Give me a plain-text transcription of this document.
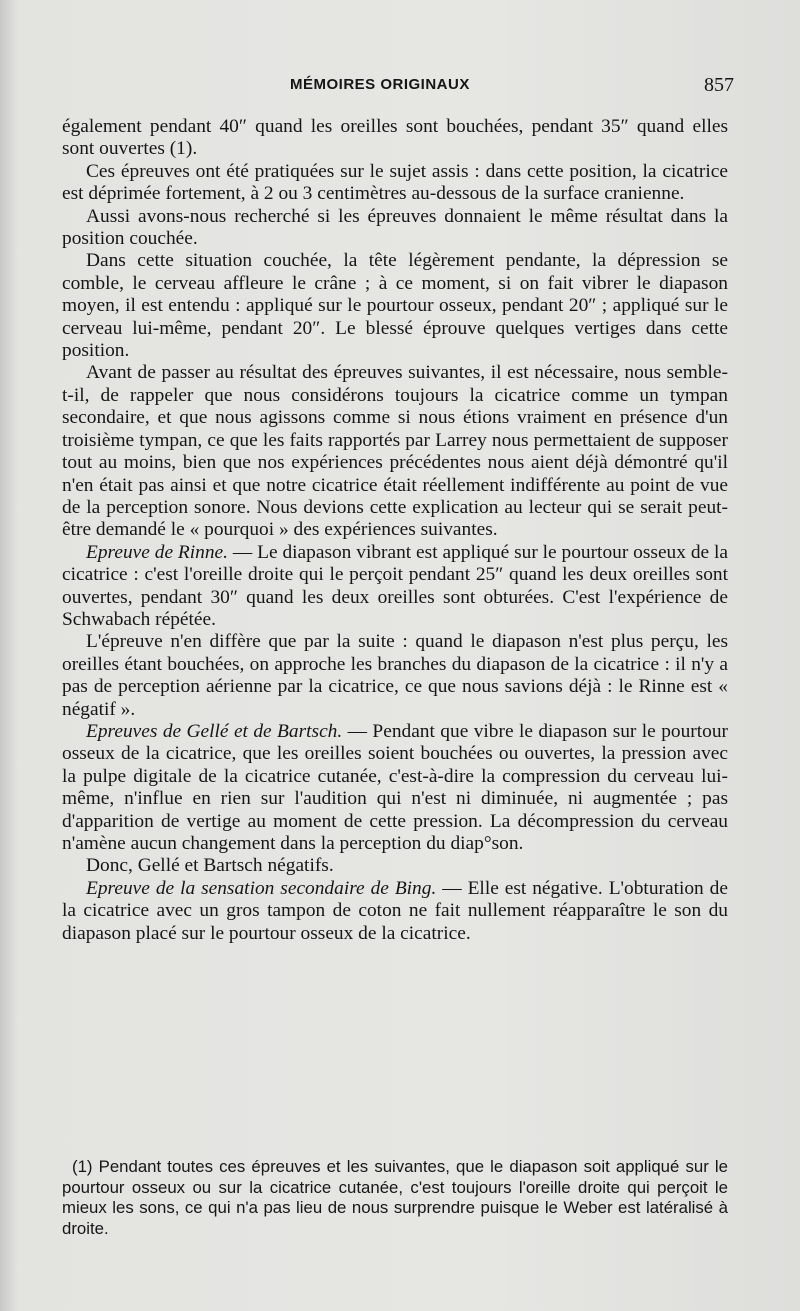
MÉMOIRES ORIGINAUX	857

également pendant 40″ quand les oreilles sont bouchées, pendant 35″ quand elles sont ouvertes (1).

Ces épreuves ont été pratiquées sur le sujet assis : dans cette position, la cicatrice est déprimée fortement, à 2 ou 3 centimètres au-dessous de la surface cranienne.

Aussi avons-nous recherché si les épreuves donnaient le même résultat dans la position couchée.

Dans cette situation couchée, la tête légèrement pendante, la dépression se comble, le cerveau affleure le crâne ; à ce moment, si on fait vibrer le diapason moyen, il est entendu : appliqué sur le pourtour osseux, pendant 20″ ; appliqué sur le cerveau lui-même, pendant 20″. Le blessé éprouve quelques vertiges dans cette position.

Avant de passer au résultat des épreuves suivantes, il est nécessaire, nous semble-t-il, de rappeler que nous considérons toujours la cicatrice comme un tympan secondaire, et que nous agissons comme si nous étions vraiment en présence d'un troisième tympan, ce que les faits rapportés par Larrey nous permettaient de supposer tout au moins, bien que nos expériences précédentes nous aient déjà démontré qu'il n'en était pas ainsi et que notre cicatrice était réellement indifférente au point de vue de la perception sonore. Nous devions cette explication au lecteur qui se serait peut-être demandé le « pourquoi » des expériences suivantes.

Epreuve de Rinne. — Le diapason vibrant est appliqué sur le pourtour osseux de la cicatrice : c'est l'oreille droite qui le perçoit pendant 25″ quand les deux oreilles sont ouvertes, pendant 30″ quand les deux oreilles sont obturées. C'est l'expérience de Schwabach répétée.

L'épreuve n'en diffère que par la suite : quand le diapason n'est plus perçu, les oreilles étant bouchées, on approche les branches du diapason de la cicatrice : il n'y a pas de perception aérienne par la cicatrice, ce que nous savions déjà : le Rinne est « négatif ».

Epreuves de Gellé et de Bartsch. — Pendant que vibre le diapason sur le pourtour osseux de la cicatrice, que les oreilles soient bouchées ou ouvertes, la pression avec la pulpe digitale de la cicatrice cutanée, c'est-à-dire la compression du cerveau lui-même, n'influe en rien sur l'audition qui n'est ni diminuée, ni augmentée ; pas d'apparition de vertige au moment de cette pression. La décompression du cerveau n'amène aucun changement dans la perception du diap°son.

Donc, Gellé et Bartsch négatifs.

Epreuve de la sensation secondaire de Bing. — Elle est négative. L'obturation de la cicatrice avec un gros tampon de coton ne fait nullement réapparaître le son du diapason placé sur le pourtour osseux de la cicatrice.

(1) Pendant toutes ces épreuves et les suivantes, que le diapason soit appliqué sur le pourtour osseux ou sur la cicatrice cutanée, c'est toujours l'oreille droite qui perçoit le mieux les sons, ce qui n'a pas lieu de nous surprendre puisque le Weber est latéralisé à droite.
